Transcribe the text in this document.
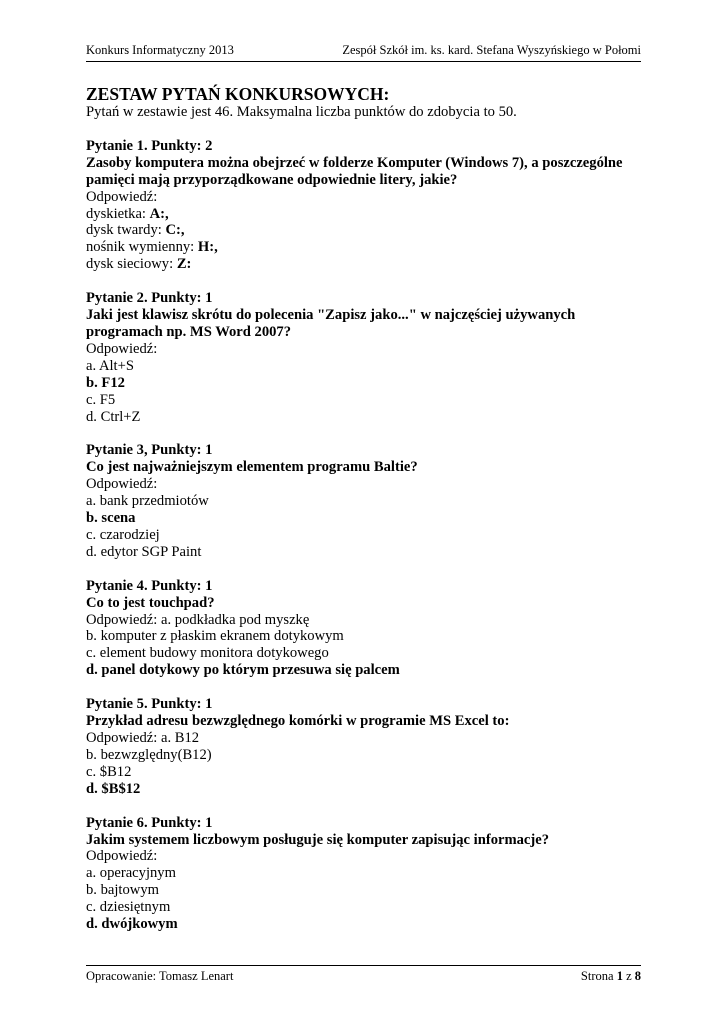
Konkurs Informatyczny 2013	Zespół Szkół im. ks. kard. Stefana Wyszyńskiego w Połomi
ZESTAW PYTAŃ KONKURSOWYCH:
Pytań w zestawie jest 46. Maksymalna liczba punktów do zdobycia to 50.
Pytanie 1. Punkty: 2
Zasoby komputera można obejrzeć w folderze Komputer (Windows 7), a poszczególne pamięci mają przyporządkowane odpowiednie litery, jakie?
Odpowiedź:
dyskietka: A:,
dysk twardy: C:,
nośnik wymienny: H:,
dysk sieciowy: Z:
Pytanie 2. Punkty: 1
Jaki jest klawisz skrótu do polecenia "Zapisz jako..." w najczęściej używanych programach np. MS Word 2007?
Odpowiedź:
a. Alt+S
b. F12
c. F5
d. Ctrl+Z
Pytanie 3, Punkty: 1
Co jest najważniejszym elementem programu Baltie?
Odpowiedź:
a. bank przedmiotów
b. scena
c. czarodziej
d. edytor SGP Paint
Pytanie 4. Punkty: 1
Co to jest touchpad?
Odpowiedź: a. podkładka pod myszkę
b. komputer z płaskim ekranem dotykowym
c. element budowy monitora dotykowego
d. panel dotykowy po którym przesuwa się palcem
Pytanie 5. Punkty: 1
Przykład adresu bezwzględnego komórki w programie MS Excel to:
Odpowiedź: a. B12
b. bezwzględny(B12)
c. $B12
d. $B$12
Pytanie 6. Punkty: 1
Jakim systemem liczbowym posługuje się komputer zapisując informacje?
Odpowiedź:
a. operacyjnym
b. bajtowym
c. dziesiętnym
d. dwójkowym
Opracowanie: Tomasz Lenart	Strona 1 z 8
